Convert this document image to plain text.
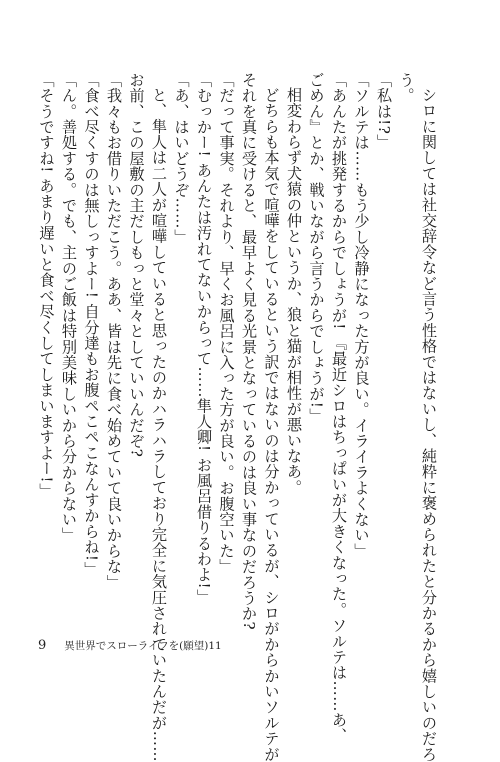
シロに関しては社交辞令など言う性格ではないし、純粋に褒められたと分かるから嬉しいのだろ
う。
「私は!?」
「ソルテは……もう少し冷静になった方が良い。イライラよくない」
「あんたが挑発するからでしょうが! 『最近シロはちっぱいが大きくなった。ソルテは……あ、
ごめん』とか、戦いながら言うからでしょうが!」
相変わらず犬猿の仲というか、狼と猫が相性が悪いなあ。
どちらも本気で喧嘩をしているという訳ではないのは分かっているが、シロがからかいソルテが
それを真に受けると、最早よく見る光景となっているのは良い事なのだろうか?
「だって事実。それより、早くお風呂に入った方が良い。お腹空いた」
「むっかー! あんたは汚れてないからって……隼人卿! お風呂借りるわよ!」
「あ、はいどうぞ……」
と、隼人は二人が喧嘩していると思ったのかハラハラしており完全に気圧されていたんだが……
お前、この屋敷の主だしもっと堂々としていいんだぞ?
「我々もお借りいただこう。ああ、皆は先に食べ始めていて良いからな」
「食べ尽くすのは無しっすよー! 自分達もお腹ペこペこなんすからね!」
「ん。善処する。でも、主のご飯は特別美味しいから分からない」
「そうですね! あまり遅いと食べ尽くしてしまいますよー!」
9 異世界でスローライフを(願望)11
